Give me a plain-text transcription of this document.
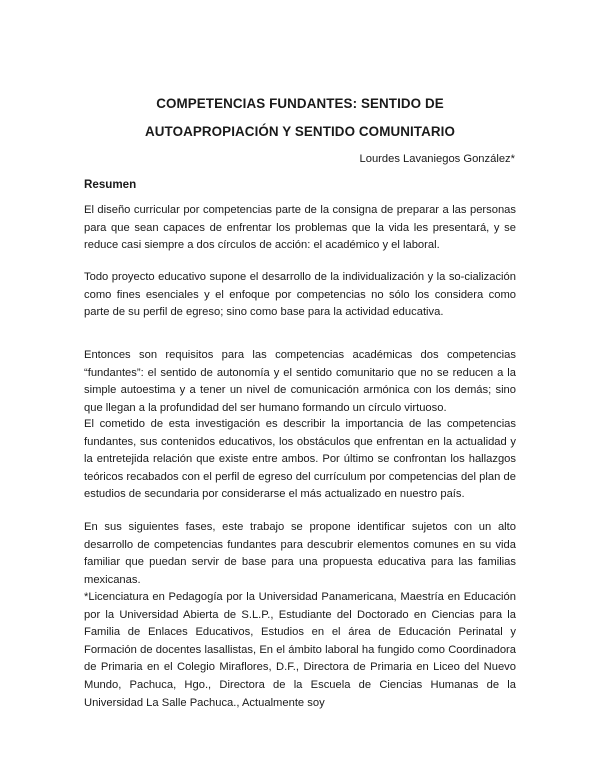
COMPETENCIAS FUNDANTES: SENTIDO DE
AUTOAPROPIACIÓN Y SENTIDO COMUNITARIO

Lourdes Lavaniegos González*

Resumen

El diseño curricular por competencias parte de la consigna de preparar a las personas para que sean capaces de enfrentar los problemas que la vida les presentará, y se reduce casi siempre a dos círculos de acción: el académico y el laboral.

Todo proyecto educativo supone el desarrollo de la individualización y la so-cialización como fines esenciales y el enfoque por competencias no sólo los considera como parte de su perfil de egreso; sino como base para la actividad educativa.

Entonces son requisitos para las competencias académicas dos competencias “fundantes”: el sentido de autonomía y el sentido comunitario que no se reducen a la simple autoestima y a tener un nivel de comunicación armónica con los demás; sino que llegan a la profundidad del ser humano formando un círculo virtuoso.

El cometido de esta investigación es describir la importancia de las competencias fundantes, sus contenidos educativos, los obstáculos que enfrentan en la actualidad y la entretejida relación que existe entre ambos. Por último se confrontan los hallazgos teóricos recabados con el perfil de egreso del currículum por competencias del plan de estudios de secundaria por considerarse el más actualizado en nuestro país.

En sus siguientes fases, este trabajo se propone identificar sujetos con un alto desarrollo de competencias fundantes para descubrir elementos comunes en su vida familiar que puedan servir de base para una propuesta educativa para las familias mexicanas.

*Licenciatura en Pedagogía por la Universidad Panamericana, Maestría en Educación por la Universidad Abierta de S.L.P., Estudiante del Doctorado en Ciencias para la Familia de Enlaces Educativos, Estudios en el área de Educación Perinatal y Formación de docentes lasallistas, En el ámbito laboral ha fungido como Coordinadora de Primaria en el Colegio Miraflores, D.F., Directora de Primaria en Liceo del Nuevo Mundo, Pachuca, Hgo., Directora de la Escuela de Ciencias Humanas de la Universidad La Salle Pachuca., Actualmente soy
